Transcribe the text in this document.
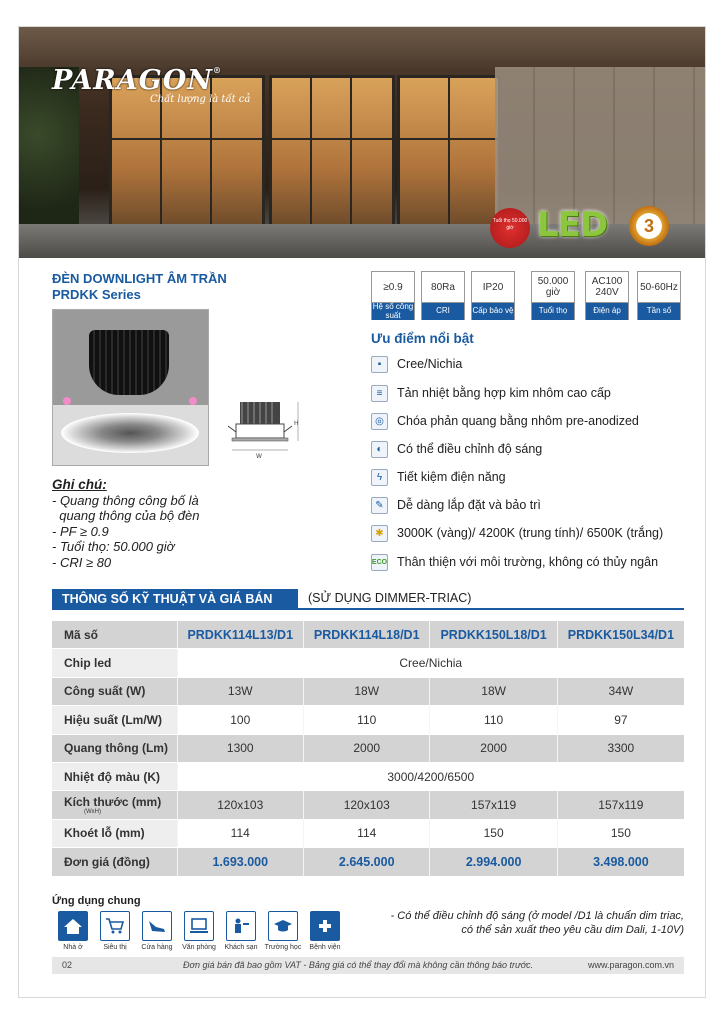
PARAGON®
Chất lượng là tất cả
Tuổi thọ 50.000 giờ LED	3
ĐÈN DOWNLIGHT ÂM TRẦN
PRDKK Series
H
W
Ghi chú:
- Quang thông công bố là
quang thông của bộ đèn
- PF ≥ 0.9
- Tuổi thọ: 50.000 giờ
- CRI ≥ 80
≥0.9
Hệ số công suất
80Ra
CRI
IP20
Cấp bảo vệ
50.000 giờ
Tuổi thọ
AC100 240V
Điện áp
50-60Hz
Tần số
Ưu điểm nổi bật
▪	Cree/Nichia
≡	Tản nhiệt bằng hợp kim nhôm cao cấp
◎	Chóa phản quang bằng nhôm pre-anodized
◐	Có thể điều chỉnh độ sáng
ϟ	Tiết kiệm điện năng
✎	Dễ dàng lắp đặt và bảo trì
✱	3000K (vàng)/ 4200K (trung tính)/ 6500K (trắng)
ECO Thân thiện với môi trường, không có thủy ngân
THÔNG SỐ KỸ THUẬT VÀ GIÁ BÁN	(SỬ DỤNG DIMMER-TRIAC)
Mã số	PRDKK114L13/D1	PRDKK114L18/D1	PRDKK150L18/D1	PRDKK150L34/D1
Chip led	Cree/Nichia			
Công suất (W)	13W	18W	18W	34W
Hiệu suất (Lm/W)	100	110	110	97
Quang thông (Lm)	1300	2000	2000	3300
Nhiệt độ màu (K)	3000/4200/6500			
Kích thước (mm)
(WxH)	120x103	120x103	157x119	157x119
Khoét lỗ (mm)	114	114	150	150
Đơn giá (đồng)	1.693.000	2.645.000	2.994.000	3.498.000
Ứng dụng chung
Nhà ở	Siêu thị	Cửa hàng	Văn phòng	Khách sạn	Trường học	Bệnh viện
- Có thể điều chỉnh độ sáng (ở model /D1 là chuẩn dim triac,
có thể sản xuất theo yêu cầu dim Dali, 1-10V)
02	Đơn giá bán đã bao gồm VAT - Bảng giá có thể thay đổi mà không cần thông báo trước.	www.paragon.com.vn
